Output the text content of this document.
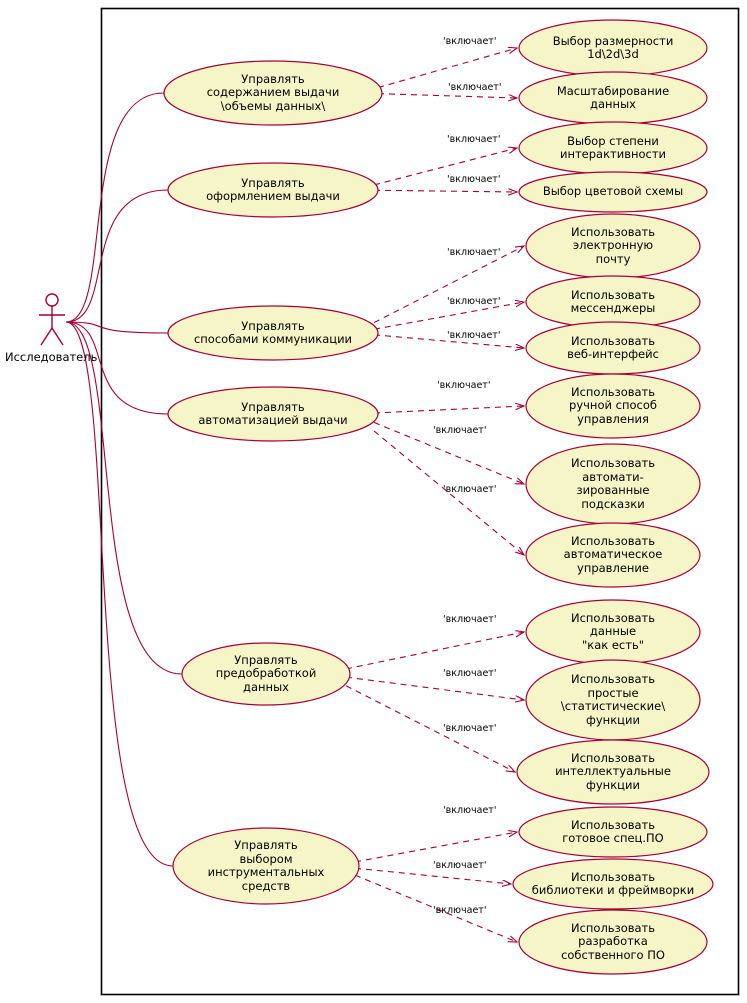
Исследователь
'включает'
'включает'
'включает'
'включает'
'включает'
'включает'
'включает'
'включает'
'включает'
'включает'
'включает'
'включает'
'включает'
'включает'
'включает'
'включает'
Управлять
содержанием выдачи
\объемы данных\
Управлять
оформлением выдачи
Управлять
способами коммуникации
Управлять
автоматизацией выдачи
Управлять
предобработкой
данных
Управлять
выбором
инструментальных
средств
Выбор размерности
1d\2d\3d
Масштабирование
данных
Выбор степени
интерактивности
Выбор цветовой схемы
Использовать
электронную
почту
Использовать
мессенджеры
Использовать
веб-интерфейс
Использовать
ручной способ
управления
Использовать
автомати-
зированные
подсказки
Использовать
автоматическое
управление
Использовать
данные
"как есть"
Использовать
простые
\статистические\
функции
Использовать
интеллектуальные
функции
Использовать
готовое спец.ПО
Использовать
библиотеки и фреймворки
Использовать
разработка
собственного ПО
